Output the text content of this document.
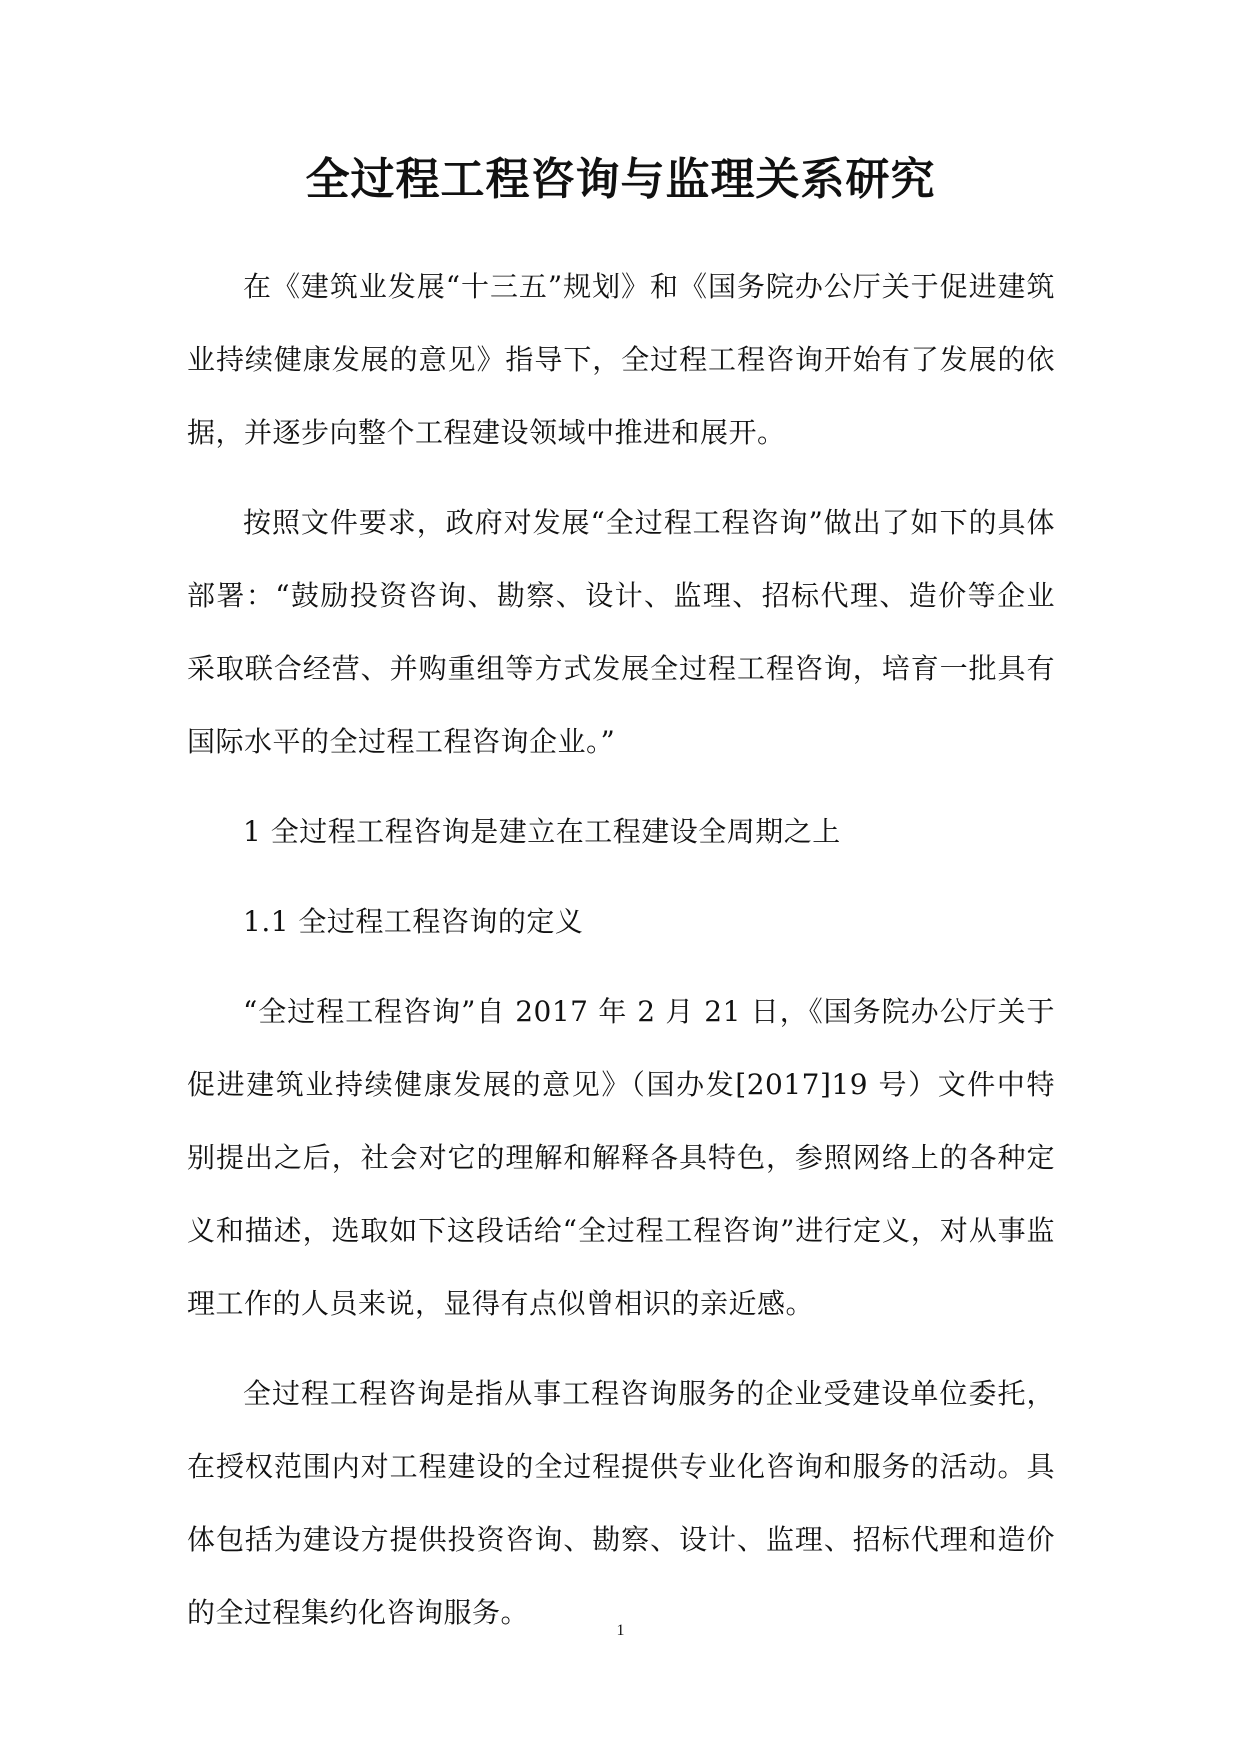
全过程工程咨询与监理关系研究

在《建筑业发展“十三五”规划》和《国务院办公厅关于促进建筑业持续健康发展的意见》指导下，全过程工程咨询开始有了发展的依据，并逐步向整个工程建设领域中推进和展开。

按照文件要求，政府对发展“全过程工程咨询”做出了如下的具体部署：“鼓励投资咨询、勘察、设计、监理、招标代理、造价等企业采取联合经营、并购重组等方式发展全过程工程咨询，培育一批具有国际水平的全过程工程咨询企业。”

1 全过程工程咨询是建立在工程建设全周期之上

1.1 全过程工程咨询的定义

“全过程工程咨询”自 2017 年 2 月 21 日，《国务院办公厅关于促进建筑业持续健康发展的意见》（国办发[2017]19 号）文件中特别提出之后，社会对它的理解和解释各具特色，参照网络上的各种定义和描述，选取如下这段话给“全过程工程咨询”进行定义，对从事监理工作的人员来说，显得有点似曾相识的亲近感。

全过程工程咨询是指从事工程咨询服务的企业受建设单位委托，在授权范围内对工程建设的全过程提供专业化咨询和服务的活动。具体包括为建设方提供投资咨询、勘察、设计、监理、招标代理和造价的全过程集约化咨询服务。

1
